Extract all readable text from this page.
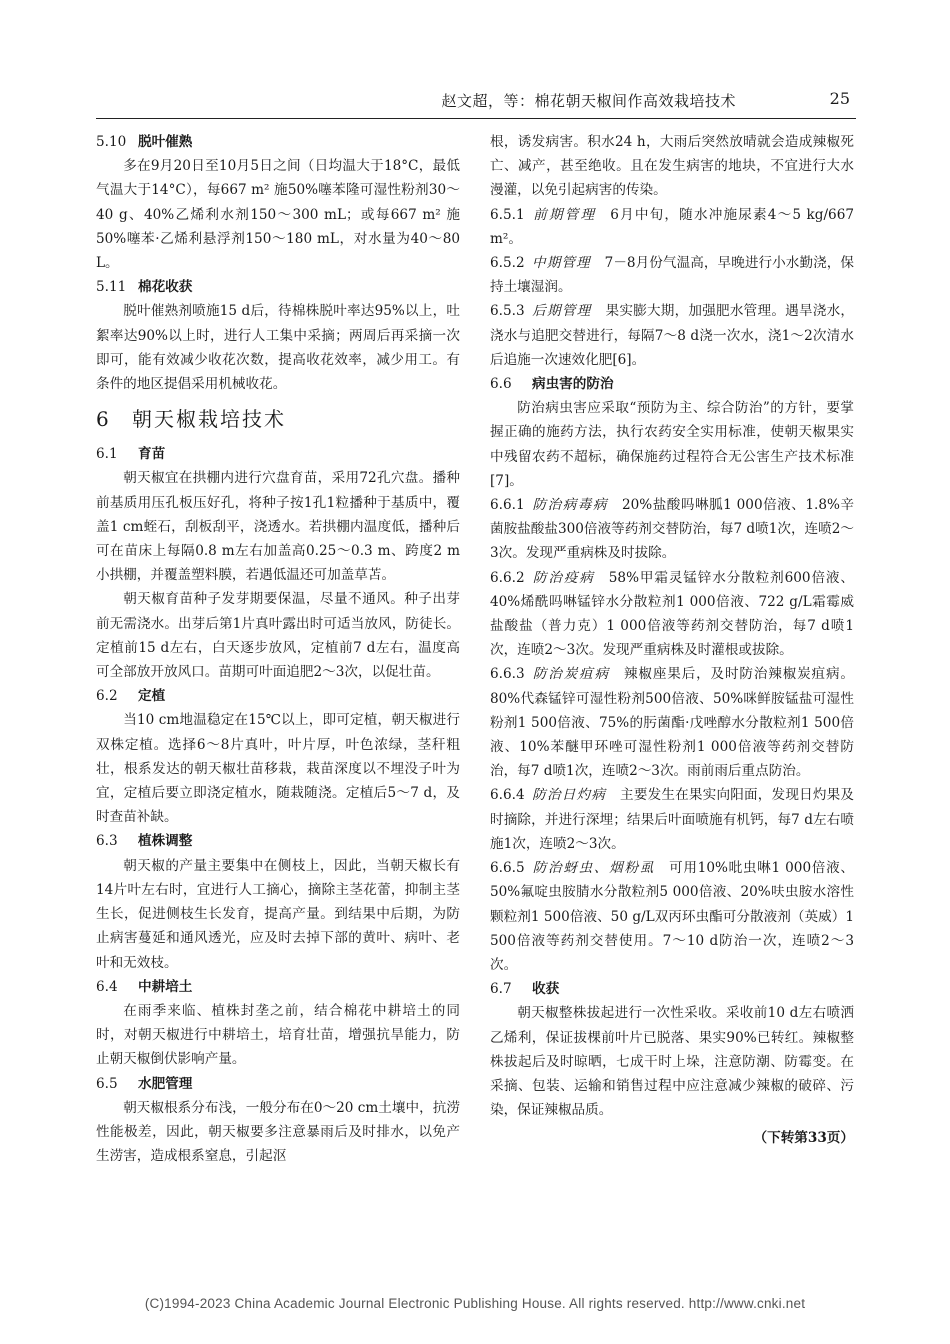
赵文超，等：棉花朝天椒间作高效栽培技术	25
5.10 脱叶催熟

多在9月20日至10月5日之间（日均温大于18°C，最低气温大于14°C），每667 m² 施50%噻苯隆可湿性粉剂30～40 g、40%乙烯利水剂150～300 mL；或每667 m² 施50%噻苯·乙烯利悬浮剂150～180 mL，对水量为40～80 L。

5.11 棉花收获

脱叶催熟剂喷施15 d后，待棉株脱叶率达95%以上，吐絮率达90%以上时，进行人工集中采摘；两周后再采摘一次即可，能有效减少收花次数，提高收花效率，减少用工。有条件的地区提倡采用机械收花。

6 朝天椒栽培技术
6.1 育苗

朝天椒宜在拱棚内进行穴盘育苗，采用72孔穴盘。播种前基质用压孔板压好孔，将种子按1孔1粒播种于基质中，覆盖1 cm蛭石，刮板刮平，浇透水。若拱棚内温度低，播种后可在苗床上每隔0.8 m左右加盖高0.25～0.3 m、跨度2 m小拱棚，并覆盖塑料膜，若遇低温还可加盖草苫。

朝天椒育苗种子发芽期要保温，尽量不通风。种子出芽前无需浇水。出芽后第1片真叶露出时可适当放风，防徒长。定植前15 d左右，白天逐步放风，定植前7 d左右，温度高可全部放开放风口。苗期可叶面追肥2～3次，以促壮苗。

6.2 定植

当10 cm地温稳定在15℃以上，即可定植，朝天椒进行双株定植。选择6～8片真叶，叶片厚，叶色浓绿，茎秆粗壮，根系发达的朝天椒壮苗移栽，栽苗深度以不埋没子叶为宜，定植后要立即浇定植水，随栽随浇。定植后5～7 d，及时查苗补缺。

6.3 植株调整

朝天椒的产量主要集中在侧枝上，因此，当朝天椒长有14片叶左右时，宜进行人工摘心，摘除主茎花蕾，抑制主茎生长，促进侧枝生长发育，提高产量。到结果中后期，为防止病害蔓延和通风透光，应及时去掉下部的黄叶、病叶、老叶和无效枝。

6.4 中耕培土

在雨季来临、植株封垄之前，结合棉花中耕培土的同时，对朝天椒进行中耕培土，培育壮苗，增强抗旱能力，防止朝天椒倒伏影响产量。

6.5 水肥管理

朝天椒根系分布浅，一般分布在0～20 cm土壤中，抗涝性能极差，因此，朝天椒要多注意暴雨后及时排水，以免产生涝害，造成根系窒息，引起沤

根，诱发病害。积水24 h，大雨后突然放晴就会造成辣椒死亡、减产，甚至绝收。且在发生病害的地块，不宜进行大水漫灌，以免引起病害的传染。

6.5.1 前期管理 6月中旬，随水冲施尿素4～5 kg/667 m²。

6.5.2 中期管理 7－8月份气温高，早晚进行小水勤浇，保持土壤湿润。

6.5.3 后期管理 果实膨大期，加强肥水管理。遇旱浇水，浇水与追肥交替进行，每隔7～8 d浇一次水，浇1～2次清水后追施一次速效化肥[6]。

6.6 病虫害的防治

防治病虫害应采取“预防为主、综合防治”的方针，要掌握正确的施药方法，执行农药安全实用标准，使朝天椒果实中残留农药不超标，确保施药过程符合无公害生产技术标准[7]。

6.6.1 防治病毒病 20%盐酸吗啉胍1 000倍液、1.8%辛菌胺盐酸盐300倍液等药剂交替防治，每7 d喷1次，连喷2～3次。发现严重病株及时拔除。

6.6.2 防治疫病 58%甲霜灵锰锌水分散粒剂600倍液、40%烯酰吗啉锰锌水分散粒剂1 000倍液、722 g/L霜霉威盐酸盐（普力克）1 000倍液等药剂交替防治，每7 d喷1次，连喷2～3次。发现严重病株及时灌根或拔除。

6.6.3 防治炭疽病 辣椒座果后，及时防治辣椒炭疽病。80%代森锰锌可湿性粉剂500倍液、50%咪鲜胺锰盐可湿性粉剂1 500倍液、75%的肟菌酯·戊唑醇水分散粒剂1 500倍液、10%苯醚甲环唑可湿性粉剂1 000倍液等药剂交替防治，每7 d喷1次，连喷2～3次。雨前雨后重点防治。

6.6.4 防治日灼病 主要发生在果实向阳面，发现日灼果及时摘除，并进行深埋；结果后叶面喷施有机钙，每7 d左右喷施1次，连喷2～3次。

6.6.5 防治蚜虫、烟粉虱 可用10%吡虫啉1 000倍液、50%氟啶虫胺腈水分散粒剂5 000倍液、20%呋虫胺水溶性颗粒剂1 500倍液、50 g/L双丙环虫酯可分散液剂（英威）1 500倍液等药剂交替使用。7～10 d防治一次，连喷2～3次。

6.7 收获

朝天椒整株拔起进行一次性采收。采收前10 d左右喷洒乙烯利，保证拔棵前叶片已脱落、果实90%已转红。辣椒整株拔起后及时晾晒，七成干时上垛，注意防潮、防霉变。在采摘、包装、运输和销售过程中应注意减少辣椒的破碎、污染，保证辣椒品质。

（下转第33页）
(C)1994-2023 China Academic Journal Electronic Publishing House. All rights reserved. http://www.cnki.net
